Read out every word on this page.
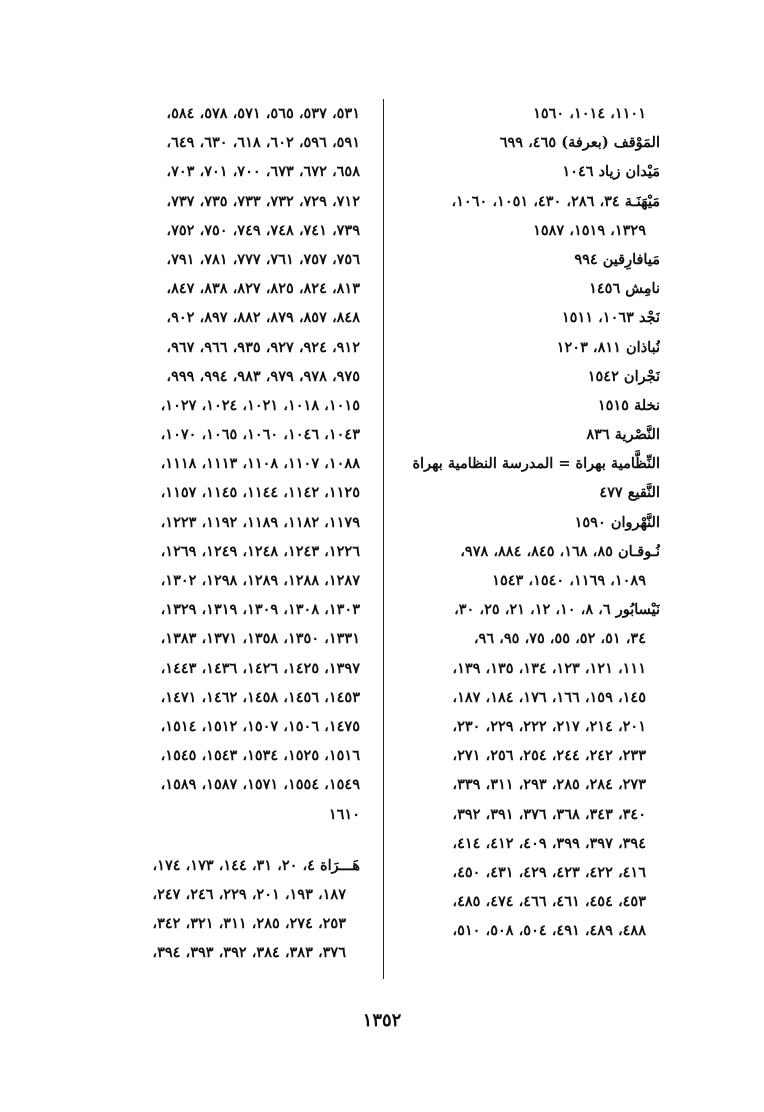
١١٠١، ١٠١٤، ١٥٦٠
المَوْقف (بعرفة) ٤٦٥، ٦٩٩
مَيْدان زياد ١٠٤٦
مَيْهَنَـة ٣٤، ٢٨٦، ٤٣٠، ١٠٥١، ١٠٦٠،
١٣٢٩، ١٥١٩، ١٥٨٧
مَيافارِقين ٩٩٤
نامِش ١٤٥٦
نَجْد ١٠٦٣، ١٥١١
نُباذان ٨١١، ١٢٠٣
نَجْران ١٥٤٢
نخلة ١٥١٥
النَّصْرية ٨٣٦
النِّظَّامية بهراة = المدرسة النظامية بهراة
النَّقيع ٤٧٧
النَّهْروان ١٥٩٠
نُـوقـان ٨٥، ١٦٨، ٨٤٥، ٨٨٤، ٩٧٨،
١٠٨٩، ١١٦٩، ١٥٤٠، ١٥٤٣
نَيْسابُور ٦، ٨، ١٠، ١٢، ٢١، ٢٥، ٣٠،
٣٤، ٥١، ٥٢، ٥٥، ٧٥، ٩٥، ٩٦،
١١١، ١٢١، ١٢٣، ١٣٤، ١٣٥، ١٣٩،
١٤٥، ١٥٩، ١٦٦، ١٧٦، ١٨٤، ١٨٧،
٢٠١، ٢١٤، ٢١٧، ٢٢٢، ٢٢٩، ٢٣٠،
٢٣٣، ٢٤٢، ٢٤٤، ٢٥٤، ٢٥٦، ٢٧١،
٢٧٣، ٢٨٤، ٢٨٥، ٢٩٣، ٣١١، ٣٣٩،
٣٤٠، ٣٤٣، ٣٦٨، ٣٧٦، ٣٩١، ٣٩٢،
٣٩٤، ٣٩٧، ٣٩٩، ٤٠٩، ٤١٢، ٤١٤،
٤١٦، ٤٢٢، ٤٢٣، ٤٢٩، ٤٣١، ٤٥٠،
٤٥٣، ٤٥٤، ٤٦١، ٤٦٦، ٤٧٤، ٤٨٥،
٤٨٨، ٤٨٩، ٤٩١، ٥٠٤، ٥٠٨، ٥١٠،
٥٣١، ٥٣٧، ٥٦٥، ٥٧١، ٥٧٨، ٥٨٤،
٥٩١، ٥٩٦، ٦٠٢، ٦١٨، ٦٣٠، ٦٤٩،
٦٥٨، ٦٧٢، ٦٧٣، ٧٠٠، ٧٠١، ٧٠٣،
٧١٢، ٧٢٩، ٧٣٢، ٧٣٣، ٧٣٥، ٧٣٧،
٧٣٩، ٧٤١، ٧٤٨، ٧٤٩، ٧٥٠، ٧٥٢،
٧٥٦، ٧٥٧، ٧٦١، ٧٧٧، ٧٨١، ٧٩١،
٨١٣، ٨٢٤، ٨٢٥، ٨٢٧، ٨٣٨، ٨٤٧،
٨٤٨، ٨٥٧، ٨٧٩، ٨٨٢، ٨٩٧، ٩٠٢،
٩١٢، ٩٢٤، ٩٢٧، ٩٣٥، ٩٦٦، ٩٦٧،
٩٧٥، ٩٧٨، ٩٧٩، ٩٨٣، ٩٩٤، ٩٩٩،
١٠١٥، ١٠١٨، ١٠٢١، ١٠٢٤، ١٠٢٧،
١٠٤٣، ١٠٤٦، ١٠٦٠، ١٠٦٥، ١٠٧٠،
١٠٨٨، ١١٠٧، ١١٠٨، ١١١٣، ١١١٨،
١١٢٥، ١١٤٢، ١١٤٤، ١١٤٥، ١١٥٧،
١١٧٩، ١١٨٢، ١١٨٩، ١١٩٢، ١٢٢٣،
١٢٢٦، ١٢٤٣، ١٢٤٨، ١٢٤٩، ١٢٦٩،
١٢٨٧، ١٢٨٨، ١٢٨٩، ١٢٩٨، ١٣٠٢،
١٣٠٣، ١٣٠٨، ١٣٠٩، ١٣١٩، ١٣٢٩،
١٣٣١، ١٣٥٠، ١٣٥٨، ١٣٧١، ١٣٨٣،
١٣٩٧، ١٤٢٥، ١٤٢٦، ١٤٣٦، ١٤٤٣،
١٤٥٣، ١٤٥٦، ١٤٥٨، ١٤٦٢، ١٤٧١،
١٤٧٥، ١٥٠٦، ١٥٠٧، ١٥١٢، ١٥١٤،
١٥١٦، ١٥٢٥، ١٥٣٤، ١٥٤٣، ١٥٤٥،
١٥٤٩، ١٥٥٤، ١٥٧١، ١٥٨٧، ١٥٨٩،
١٦١٠
هَـــرَاة ٤، ٢٠، ٣١، ١٤٤، ١٧٣، ١٧٤،
١٨٧، ١٩٣، ٢٠١، ٢٢٩، ٢٤٦، ٢٤٧،
٢٥٣، ٢٧٤، ٢٨٥، ٣١١، ٣٢١، ٣٤٢،
٣٧٦، ٣٨٣، ٣٨٤، ٣٩٢، ٣٩٣، ٣٩٤،
١٣٥٢
